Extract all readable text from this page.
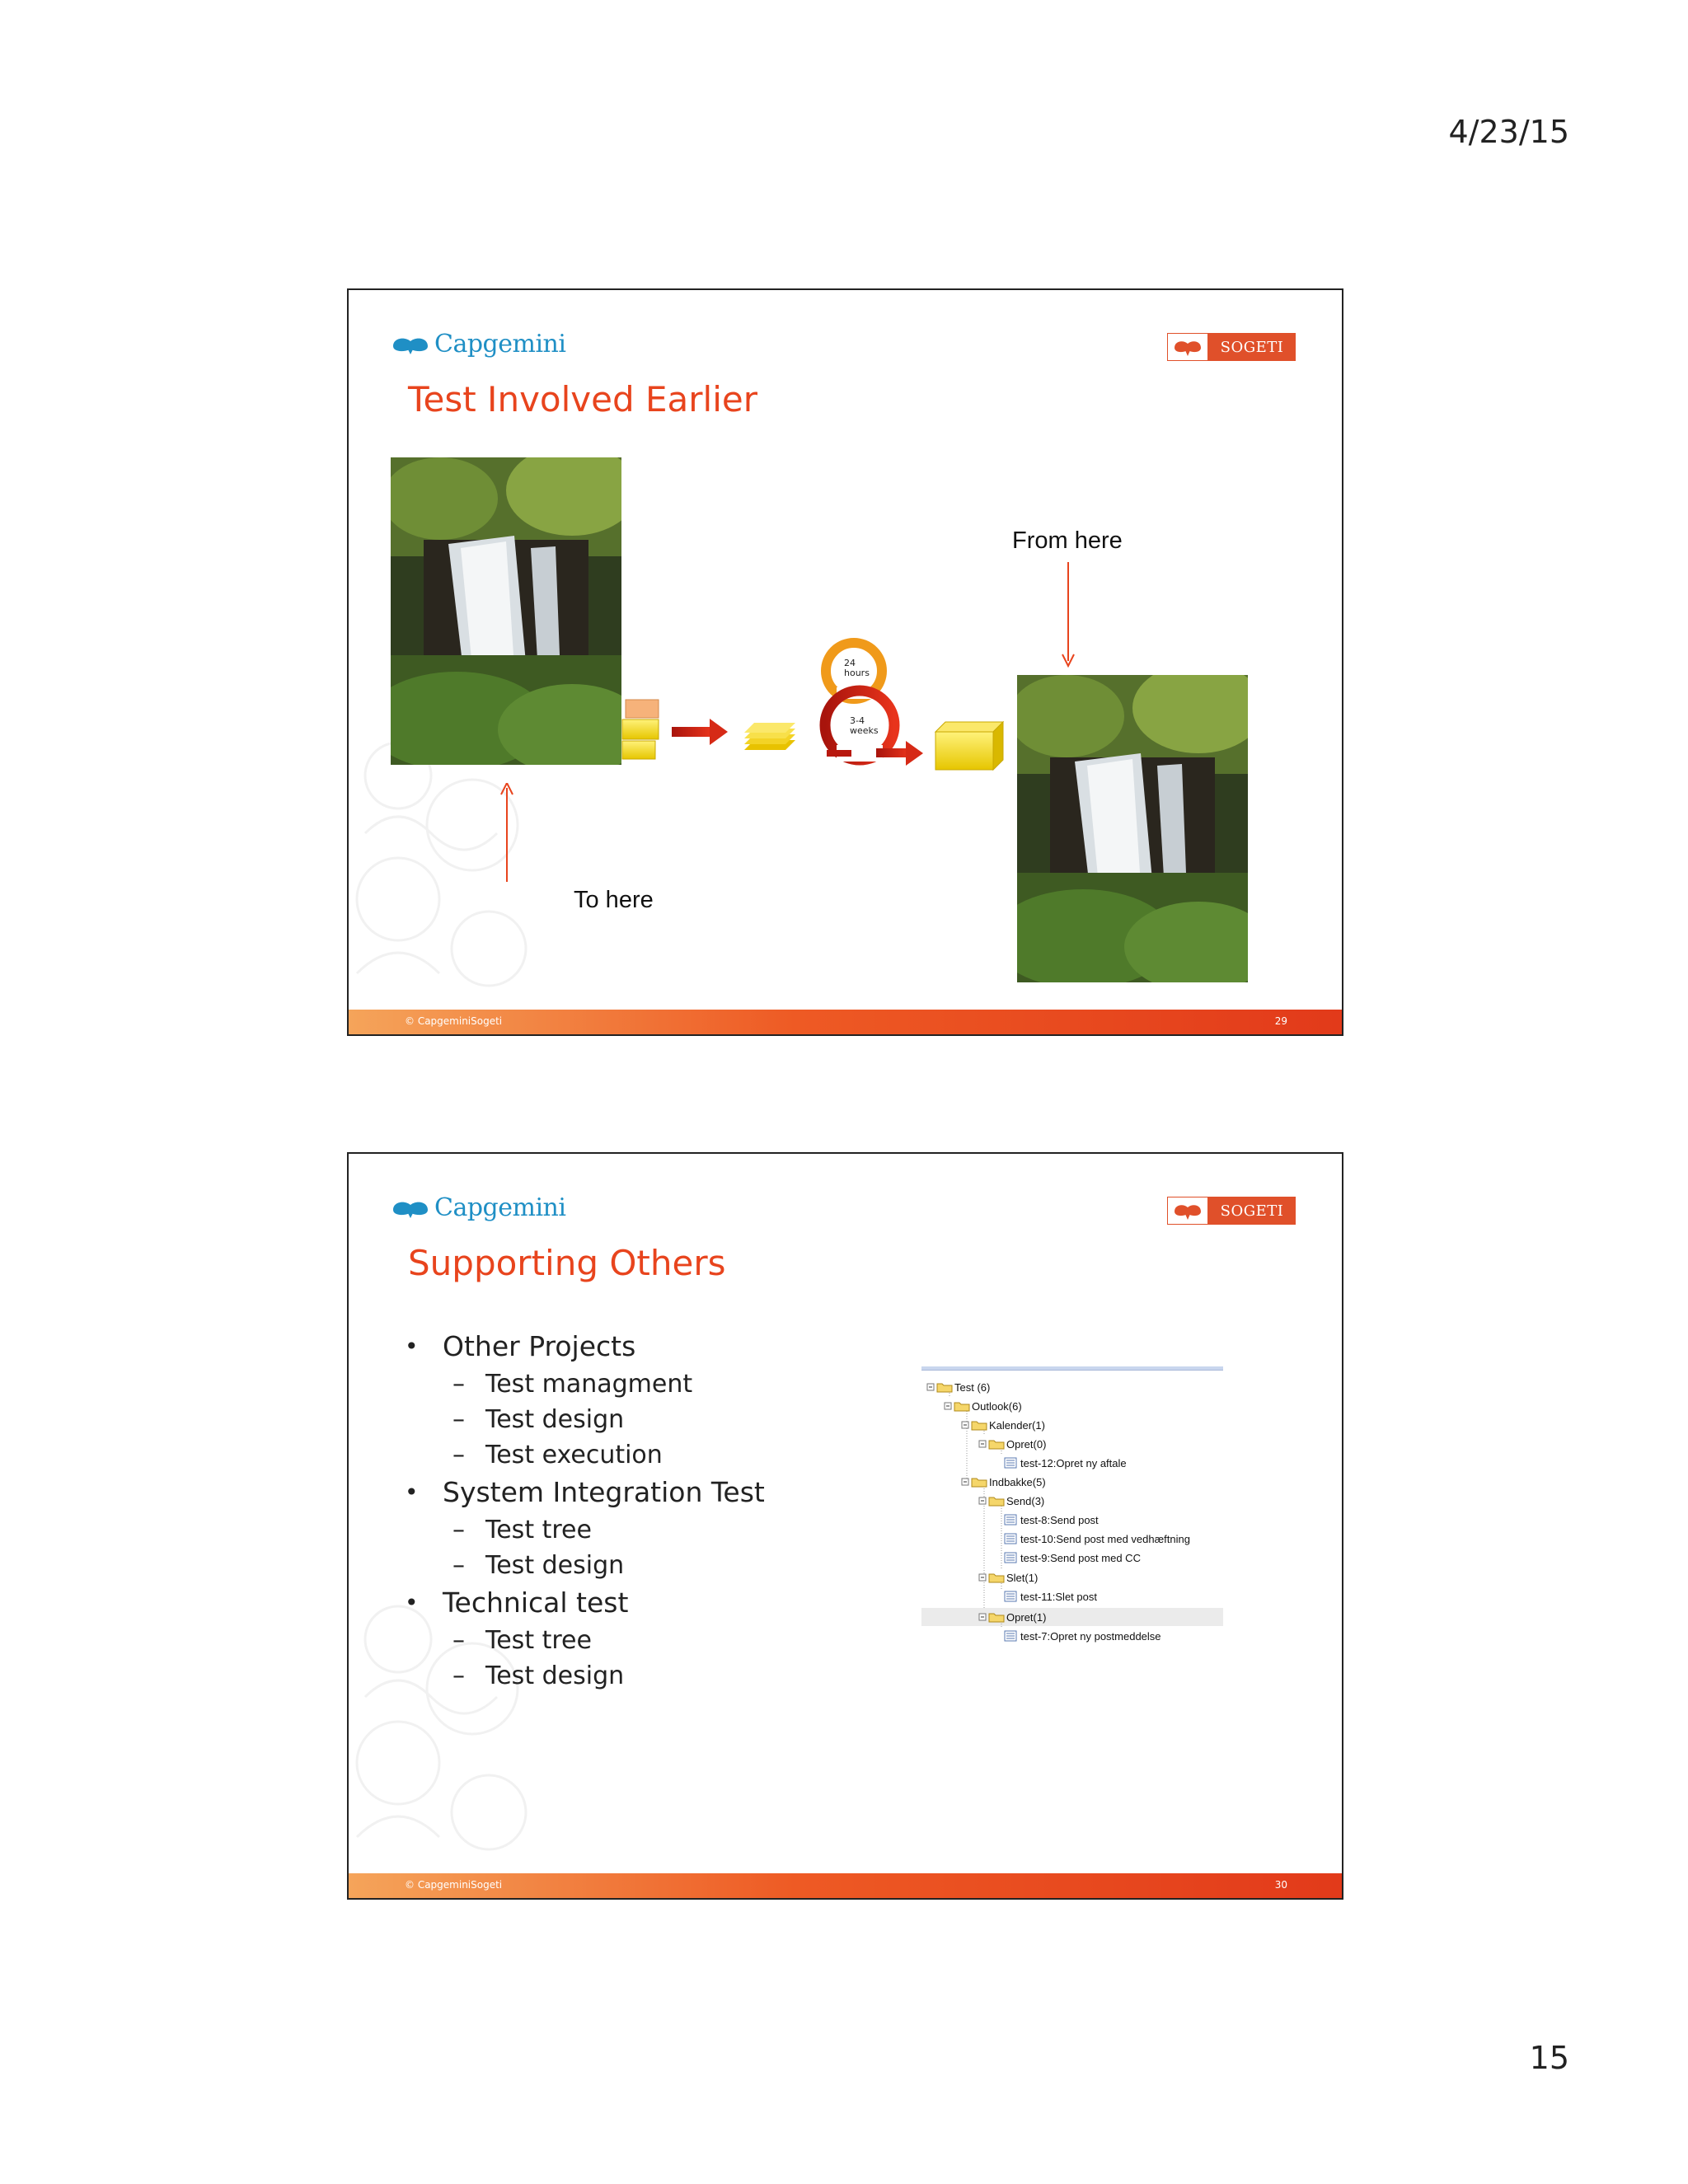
4/23/15
Capgemini	SOGETI
Test Involved Earlier
24
hours
3-4
weeks
From here
To here
© CapgeminiSogeti	29
Capgemini	SOGETI
Supporting Others
• Other Projects
– Test managment
– Test design
– Test execution
• System Integration Test
– Test tree
– Test design
• Technical test
– Test tree
– Test design
Test (6)
Outlook(6)
Kalender(1)
Opret(0)
test-12:Opret ny aftale
Indbakke(5)
Send(3)
test-8:Send post
test-10:Send post med vedhæftning
test-9:Send post med CC
Slet(1)
test-11:Slet post
Opret(1)
test-7:Opret ny postmeddelse
© CapgeminiSogeti	30
15
